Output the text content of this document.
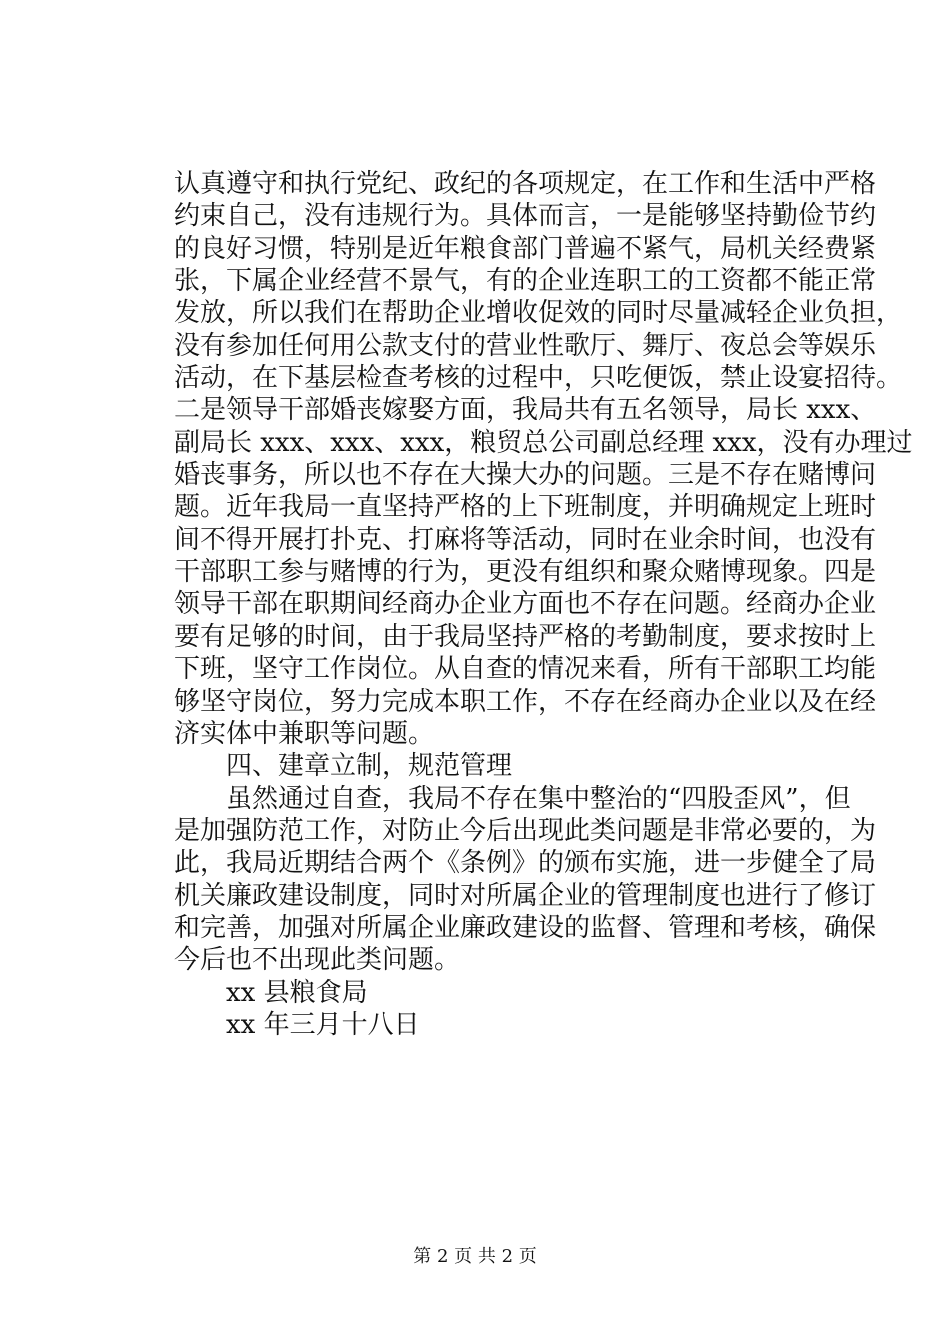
认真遵守和执行党纪、政纪的各项规定，在工作和生活中严格
约束自己，没有违规行为。具体而言，一是能够坚持勤俭节约
的良好习惯，特别是近年粮食部门普遍不紧气，局机关经费紧
张，下属企业经营不景气，有的企业连职工的工资都不能正常
发放，所以我们在帮助企业增收促效的同时尽量减轻企业负担，
没有参加任何用公款支付的营业性歌厅、舞厅、夜总会等娱乐
活动，在下基层检查考核的过程中，只吃便饭，禁止设宴招待。
二是领导干部婚丧嫁娶方面，我局共有五名领导，局长 xxx、
副局长 xxx、xxx、xxx，粮贸总公司副总经理 xxx，没有办理过
婚丧事务，所以也不存在大操大办的问题。三是不存在赌博问
题。近年我局一直坚持严格的上下班制度，并明确规定上班时
间不得开展打扑克、打麻将等活动，同时在业余时间，也没有
干部职工参与赌博的行为，更没有组织和聚众赌博现象。四是
领导干部在职期间经商办企业方面也不存在问题。经商办企业
要有足够的时间，由于我局坚持严格的考勤制度，要求按时上
下班，坚守工作岗位。从自查的情况来看，所有干部职工均能
够坚守岗位，努力完成本职工作，不存在经商办企业以及在经
济实体中兼职等问题。
四、建章立制，规范管理
虽然通过自查，我局不存在集中整治的“四股歪风”，但
是加强防范工作，对防止今后出现此类问题是非常必要的，为
此，我局近期结合两个《条例》的颁布实施，进一步健全了局
机关廉政建设制度，同时对所属企业的管理制度也进行了修订
和完善，加强对所属企业廉政建设的监督、管理和考核，确保
今后也不出现此类问题。
xx 县粮食局
xx 年三月十八日
第 2 页 共 2 页
